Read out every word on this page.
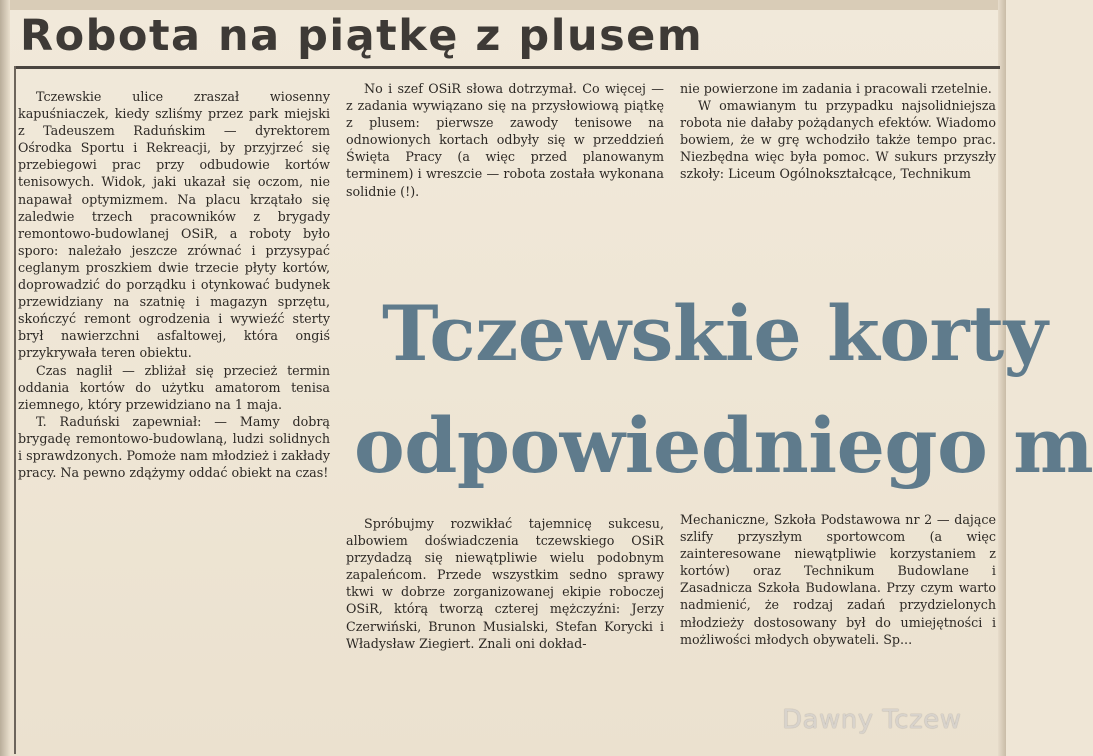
Robota na piątkę z plusem

Tczewskie ulice zraszał wiosenny kapuśniaczek, kiedy szliśmy przez park miejski z Tadeuszem Raduńskim — dyrektorem Ośrodka Sportu i Rekreacji, by przyjrzeć się przebiegowi prac przy odbudowie kortów tenisowych. Widok, jaki ukazał się oczom, nie napawał optymizmem. Na placu krzątało się zaledwie trzech pracowników z brygady remontowo-budowlanej OSiR, a roboty było sporo: należało jeszcze zrównać i przysypać ceglanym proszkiem dwie trzecie płyty kortów, doprowadzić do porządku i otynkować budynek przewidziany na szatnię i magazyn sprzętu, skończyć remont ogrodzenia i wywieźć sterty brył nawierzchni asfaltowej, która ongiś przykrywała teren obiektu.

Czas naglił — zbliżał się przecież termin oddania kortów do użytku amatorom tenisa ziemnego, który przewidziano na 1 maja.

T. Raduński zapewniał: — Mamy dobrą brygadę remontowo-budowlaną, ludzi solidnych i sprawdzonych. Pomoże nam młodzież i zakłady pracy. Na pewno zdążymy oddać obiekt na czas!

No i szef OSiR słowa dotrzymał. Co więcej — z zadania wywiązano się na przysłowiową piątkę z plusem: pierwsze zawody tenisowe na odnowionych kortach odbyły się w przeddzień Święta Pracy (a więc przed planowanym terminem) i wreszcie — robota została wykonana solidnie (!).

nie powierzone im zadania i pracowali rzetelnie.

W omawianym tu przypadku najsolidniejsza robota nie dałaby pożądanych efektów. Wiadomo bowiem, że w grę wchodziło także tempo prac. Niezbędna więc była pomoc. W sukurs przyszły szkoły: Liceum Ogólnokształcące, Technikum

Tczewskie korty
odpowiedniego m

Spróbujmy rozwikłać tajemnicę sukcesu, albowiem doświadczenia tczewskiego OSiR przydadzą się niewątpliwie wielu podobnym zapaleńcom. Przede wszystkim sedno sprawy tkwi w dobrze zorganizowanej ekipie roboczej OSiR, którą tworzą czterej mężczyźni: Jerzy Czerwiński, Brunon Musialski, Stefan Korycki i Władysław Ziegiert. Znali oni dokład-

Mechaniczne, Szkoła Podstawowa nr 2 — dające szlify przyszłym sportowcom (a więc zainteresowane niewątpliwie korzystaniem z kortów) oraz Technikum Budowlane i Zasadnicza Szkoła Budowlana. Przy czym warto nadmienić, że rodzaj zadań przydzielonych młodzieży dostosowany był do umiejętności i możliwości młodych obywateli. Sp...

Dawny Tczew
